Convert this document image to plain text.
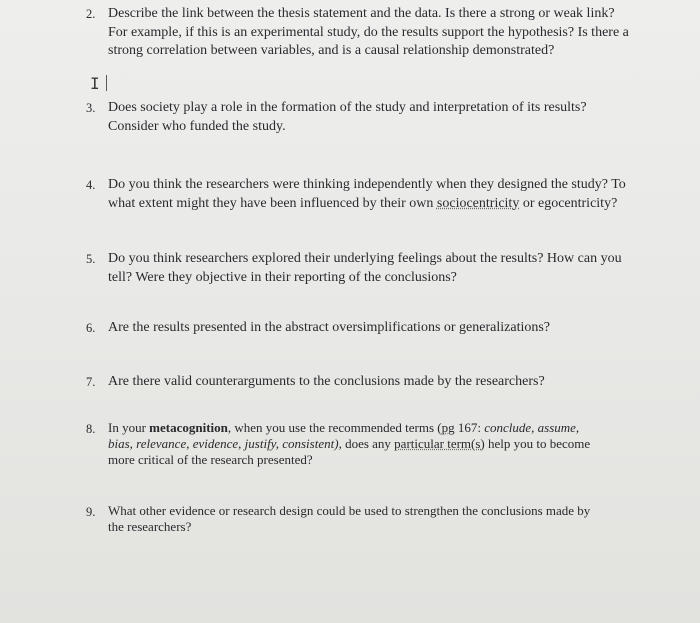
2. Describe the link between the thesis statement and the data. Is there a strong or weak link?
For example, if this is an experimental study, do the results support the hypothesis? Is there a
strong correlation between variables, and is a causal relationship demonstrated?
I
3. Does society play a role in the formation of the study and interpretation of its results?
Consider who funded the study.
4. Do you think the researchers were thinking independently when they designed the study? To
what extent might they have been influenced by their own sociocentricity or egocentricity?
5. Do you think researchers explored their underlying feelings about the results? How can you
tell? Were they objective in their reporting of the conclusions?
6. Are the results presented in the abstract oversimplifications or generalizations?
7. Are there valid counterarguments to the conclusions made by the researchers?
8. In your metacognition, when you use the recommended terms (pg 167: conclude, assume,
bias, relevance, evidence, justify, consistent), does any particular term(s) help you to become
more critical of the research presented?
9. What other evidence or research design could be used to strengthen the conclusions made by
the researchers?
